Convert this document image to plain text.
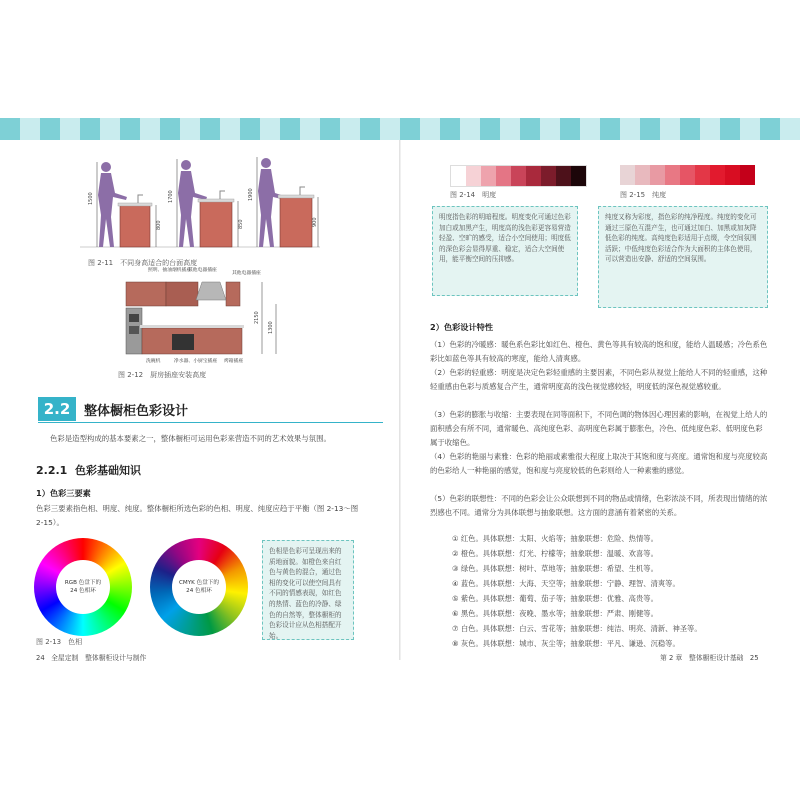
1500
800
1700
850
1900
900
图 2-11　不同身高适合的台面高度
照明、抽油烟机插座
其他电器插座
其他电器插座
2150
1300
洗碗机	净水器、小厨宝插座 烤箱插座
图 2-12　厨房插座安装高度
2.2	整体橱柜色彩设计
色彩是造型构成的基本要素之一，整体橱柜可运用色彩来营造不同的艺术效果与氛围。
2.2.1 色彩基础知识
1）色彩三要素
色彩三要素指色相、明度、纯度。整体橱柜所选色彩的色相、明度、纯度应趋于平衡（图 2-13～图 2-15）。
RGB 色盘下的
24 色相环
CMYK 色盘下的
24 色相环
色相是色彩可呈现出来的质地面貌。如橙色来自红色与黄色的混合，通过色相的变化可以使空间具有不同的情感表现，如红色的热情、蓝色的冷静、绿色的自然等，整体橱柜的色彩设计应从色相搭配开始。
图 2-13　色相
24 全屋定制　整体橱柜设计与制作
图 2-14　明度
明度指色彩的明暗程度。明度变化可通过色彩加白或加黑产生，明度高的浅色彩更容易营造轻盈、空旷的感受，适合小空间使用；明度低的深色彩会显得厚重、稳定，适合大空间使用，能平衡空间的压抑感。
图 2-15　纯度
纯度又称为彩度，指色彩的纯净程度。纯度的变化可通过三原色互混产生，也可通过加白、加黑或加灰降低色彩的纯度。高纯度色彩适用于点缀，令空间氛围活跃；中低纯度色彩适合作为大面积的主体色使用，可以营造出安静、舒适的空间氛围。
2）色彩设计特性
（1）色彩的冷暖感：暖色系色彩比如红色、橙色、黄色等具有较高的饱和度，能给人温暖感；冷色系色彩比如蓝色等具有较高的寒度，能给人清爽感。
（2）色彩的轻重感：明度是决定色彩轻重感的主要因素，不同色彩从视觉上能给人不同的轻重感，这种轻重感由色彩与质感复合产生，通常明度高的浅色视觉感较轻，明度低的深色视觉感较重。
（3）色彩的膨胀与收缩：主要表现在同等面积下，不同色调的物体因心理因素的影响，在视觉上给人的面积感会有所不同，通常暖色、高纯度色彩、高明度色彩属于膨胀色，冷色、低纯度色彩、低明度色彩属于收缩色。
（4）色彩的艳丽与素雅：色彩的艳丽或素雅很大程度上取决于其饱和度与亮度。通常饱和度与亮度较高的色彩给人一种艳丽的感觉，饱和度与亮度较低的色彩则给人一种素雅的感觉。
（5）色彩的联想性：不同的色彩会让公众联想到不同的物品或情绪，色彩浓淡不同，所表现出情绪的浓烈感也不同。通常分为具体联想与抽象联想。这方面的意涵有着紧密的关系。
① 红色。具体联想：太阳、火焰等；抽象联想：危险、热情等。
② 橙色。具体联想：灯光、柠檬等；抽象联想：温暖、欢喜等。
③ 绿色。具体联想：树叶、草地等；抽象联想：希望、生机等。
④ 蓝色。具体联想：大海、天空等；抽象联想：宁静、理智、清爽等。
⑤ 紫色。具体联想：葡萄、茄子等；抽象联想：优雅、高贵等。
⑥ 黑色。具体联想：夜晚、墨水等；抽象联想：严肃、刚健等。
⑦ 白色。具体联想：白云、雪花等；抽象联想：纯洁、明亮、清新、神圣等。
⑧ 灰色。具体联想：城市、灰尘等；抽象联想：平凡、谦逊、沉稳等。
第 2 章　整体橱柜设计基础 25
